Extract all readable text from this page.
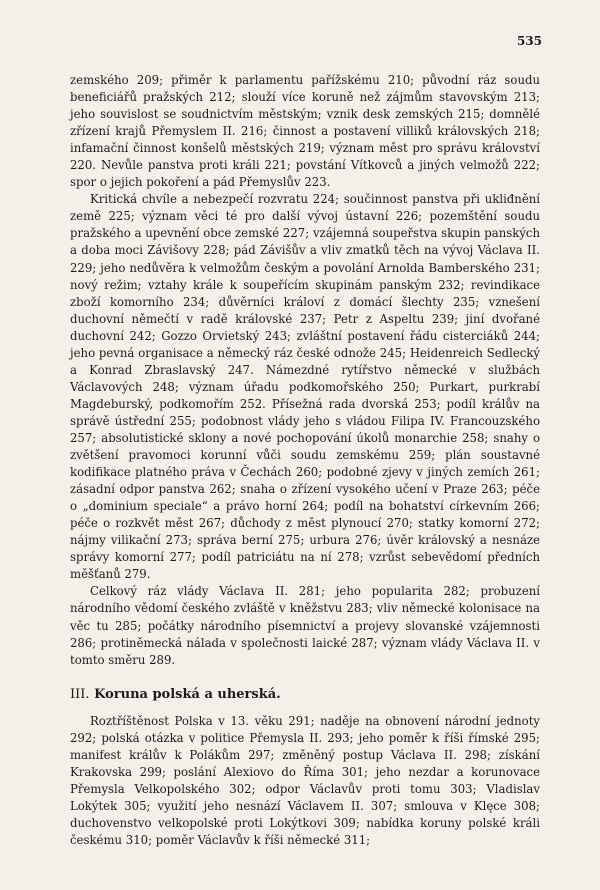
535

zemského 209; přiměr k parlamentu pařížskému 210; původní ráz soudu beneficiářů pražských 212; slouží více koruně než zájmům stavovským 213; jeho souvislost se soudnictvím městským; vznik desk zemských 215; domnělé zřízení krajů Přemyslem II. 216; činnost a postavení villiků královských 218; infamační činnost konšelů městských 219; význam měst pro správu království 220. Nevůle panstva proti králi 221; povstání Vítkovců a jiných velmožů 222; spor o jejich pokoření a pád Přemyslův 223.

Kritická chvíle a nebezpečí rozvratu 224; součinnost panstva při ukliđnění země 225; význam věci té pro další vývoj ústavní 226; pozemštění soudu pražského a upevnění obce zemské 227; vzájemná soupeřstva skupin panských a doba moci Závišovy 228; pád Závišův a vliv zmatků těch na vývoj Václava II. 229; jeho nedůvěra k velmožům českým a povolání Arnolda Bamberského 231; nový režim; vztahy krále k soupeřícím skupinám panským 232; revindikace zboží komorního 234; důvěrníci královí z domácí šlechty 235; vznešení duchovní němečtí v radě královské 237; Petr z Aspeltu 239; jiní dvořané duchovní 242; Gozzo Orvietský 243; zvláštní postavení řádu cisterciáků 244; jeho pevná organisace a německý ráz české odnože 245; Heidenreich Sedlecký a Konrad Zbraslavský 247. Námezdné rytířstvo německé v službách Václavových 248; význam úřadu podkomořského 250; Purkart, purkrabí Magdeburský, podkomořím 252. Přísežná rada dvorská 253; podíl králův na správě ústřední 255; podobnost vlády jeho s vládou Filipa IV. Francouzského 257; absolutistické sklony a nové pochopování úkolů monarchie 258; snahy o zvětšení pravomoci korunní vůči soudu zemskému 259; plán soustavné kodifikace platného práva v Čechách 260; podobné zjevy v jiných zemích 261; zásadní odpor panstva 262; snaha o zřízení vysokého učení v Praze 263; péče o „dominium speciale“ a právo horní 264; podíl na bohatství církevním 266; péče o rozkvět měst 267; důchody z měst plynoucí 270; statky komorní 272; nájmy vilikační 273; správa berní 275; urbura 276; úvěr královský a nesnáze správy komorní 277; podíl patriciátu na ní 278; vzrůst sebevědomí předních měšťanů 279.

Celkový ráz vlády Václava II. 281; jeho popularita 282; probuzení národního vědomí českého zvláště v kněžstvu 283; vliv německé kolonisace na věc tu 285; počátky národního písemnictví a projevy slovanské vzájemnosti 286; protiněmecká nálada v společnosti laické 287; význam vlády Václava II. v tomto směru 289.

III. Koruna polská a uherská.

Roztříštěnost Polska v 13. věku 291; naděje na obnovení národní jednoty 292; polská otázka v politice Přemysla II. 293; jeho poměr k říši římské 295; manifest králův k Polákům 297; změněný postup Václava II. 298; získání Krakovska 299; poslání Alexiovo do Říma 301; jeho nezdar a korunovace Přemysla Velkopolského 302; odpor Václavův proti tomu 303; Vladislav Lokýtek 305; využití jeho nesnází Václavem II. 307; smlouva v Klęce 308; duchovenstvo velkopolské proti Lokýtkovi 309; nabídka koruny polské králi českému 310; poměr Václavův k říši německé 311;
